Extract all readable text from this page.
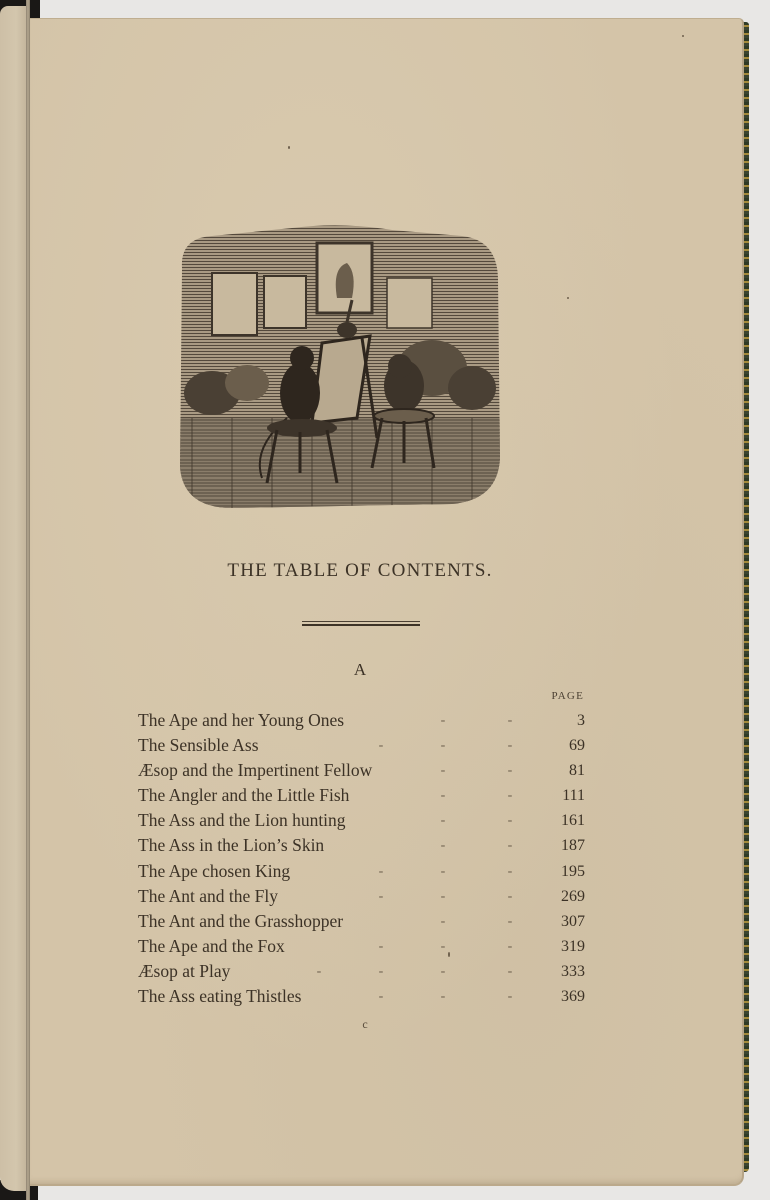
THE TABLE OF CONTENTS.
A
PAGE
The Ape and her Young Ones	-	-	3
The Sensible Ass	-	-	-	69
Æsop and the Impertinent Fellow	-	-	81
The Angler and the Little Fish	-	-	111
The Ass and the Lion hunting	-	-	161
The Ass in the Lion’s Skin	-	-	187
The Ape chosen King	-	-	-	195
The Ant and the Fly	-	-	-	269
The Ant and the Grasshopper	-	-	307
The Ape and the Fox	-	-	-	319
Æsop at Play	-	-	-	-	333
The Ass eating Thistles	-	-	-	369
c
